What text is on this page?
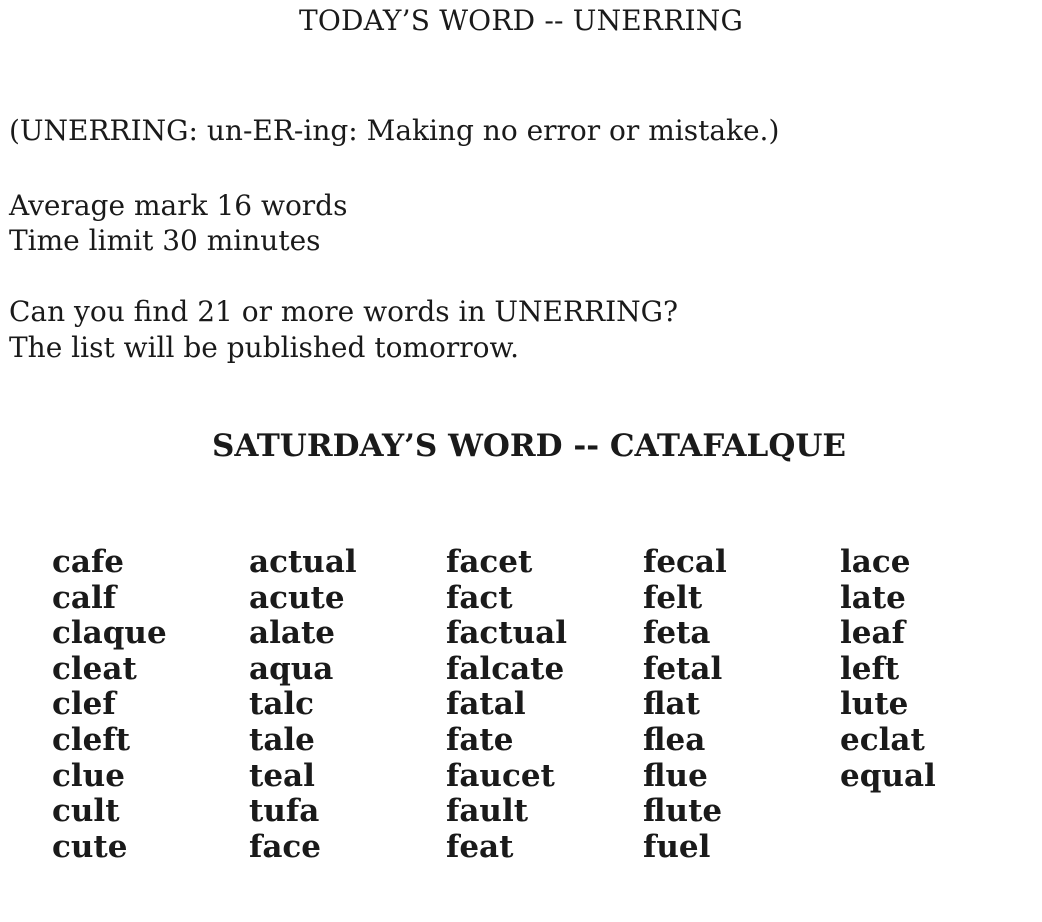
TODAY’S WORD -- UNERRING
(UNERRING: un-ER-ing: Making no error or mistake.)
Average mark 16 words
Time limit 30 minutes
Can you find 21 or more words in UNERRING?
The list will be published tomorrow.
SATURDAY’S WORD -- CATAFALQUE
cafe
calf
claque
cleat
clef
cleft
clue
cult
cute
actual
acute
alate
aqua
talc
tale
teal
tufa
face
facet
fact
factual
falcate
fatal
fate
faucet
fault
feat
fecal
felt
feta
fetal
flat
flea
flue
flute
fuel
lace
late
leaf
left
lute
eclat
equal
